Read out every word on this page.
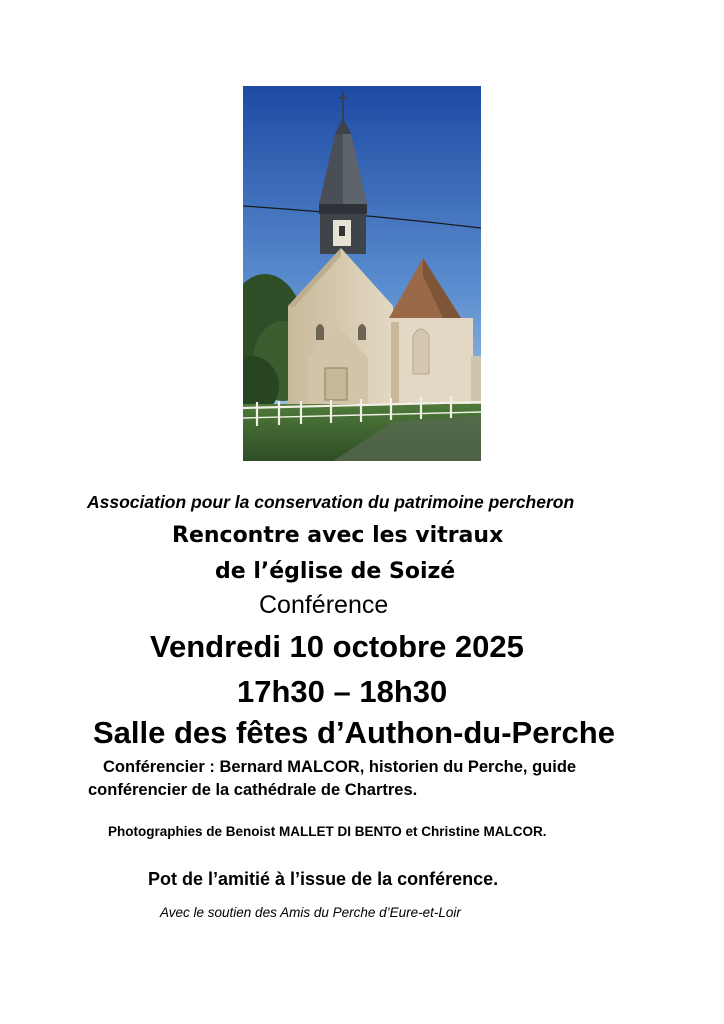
Association pour la conservation du patrimoine percheron

Rencontre avec les vitraux

de l’église de Soizé

Conférence

Vendredi 10 octobre 2025

17h30 – 18h30

Salle des fêtes d’Authon-du-Perche

Conférencier : Bernard MALCOR, historien du Perche, guide

conférencier de la cathédrale de Chartres.

Photographies de Benoist MALLET DI BENTO et Christine MALCOR.

Pot de l’amitié à l’issue de la conférence.

Avec le soutien des Amis du Perche d’Eure-et-Loir
